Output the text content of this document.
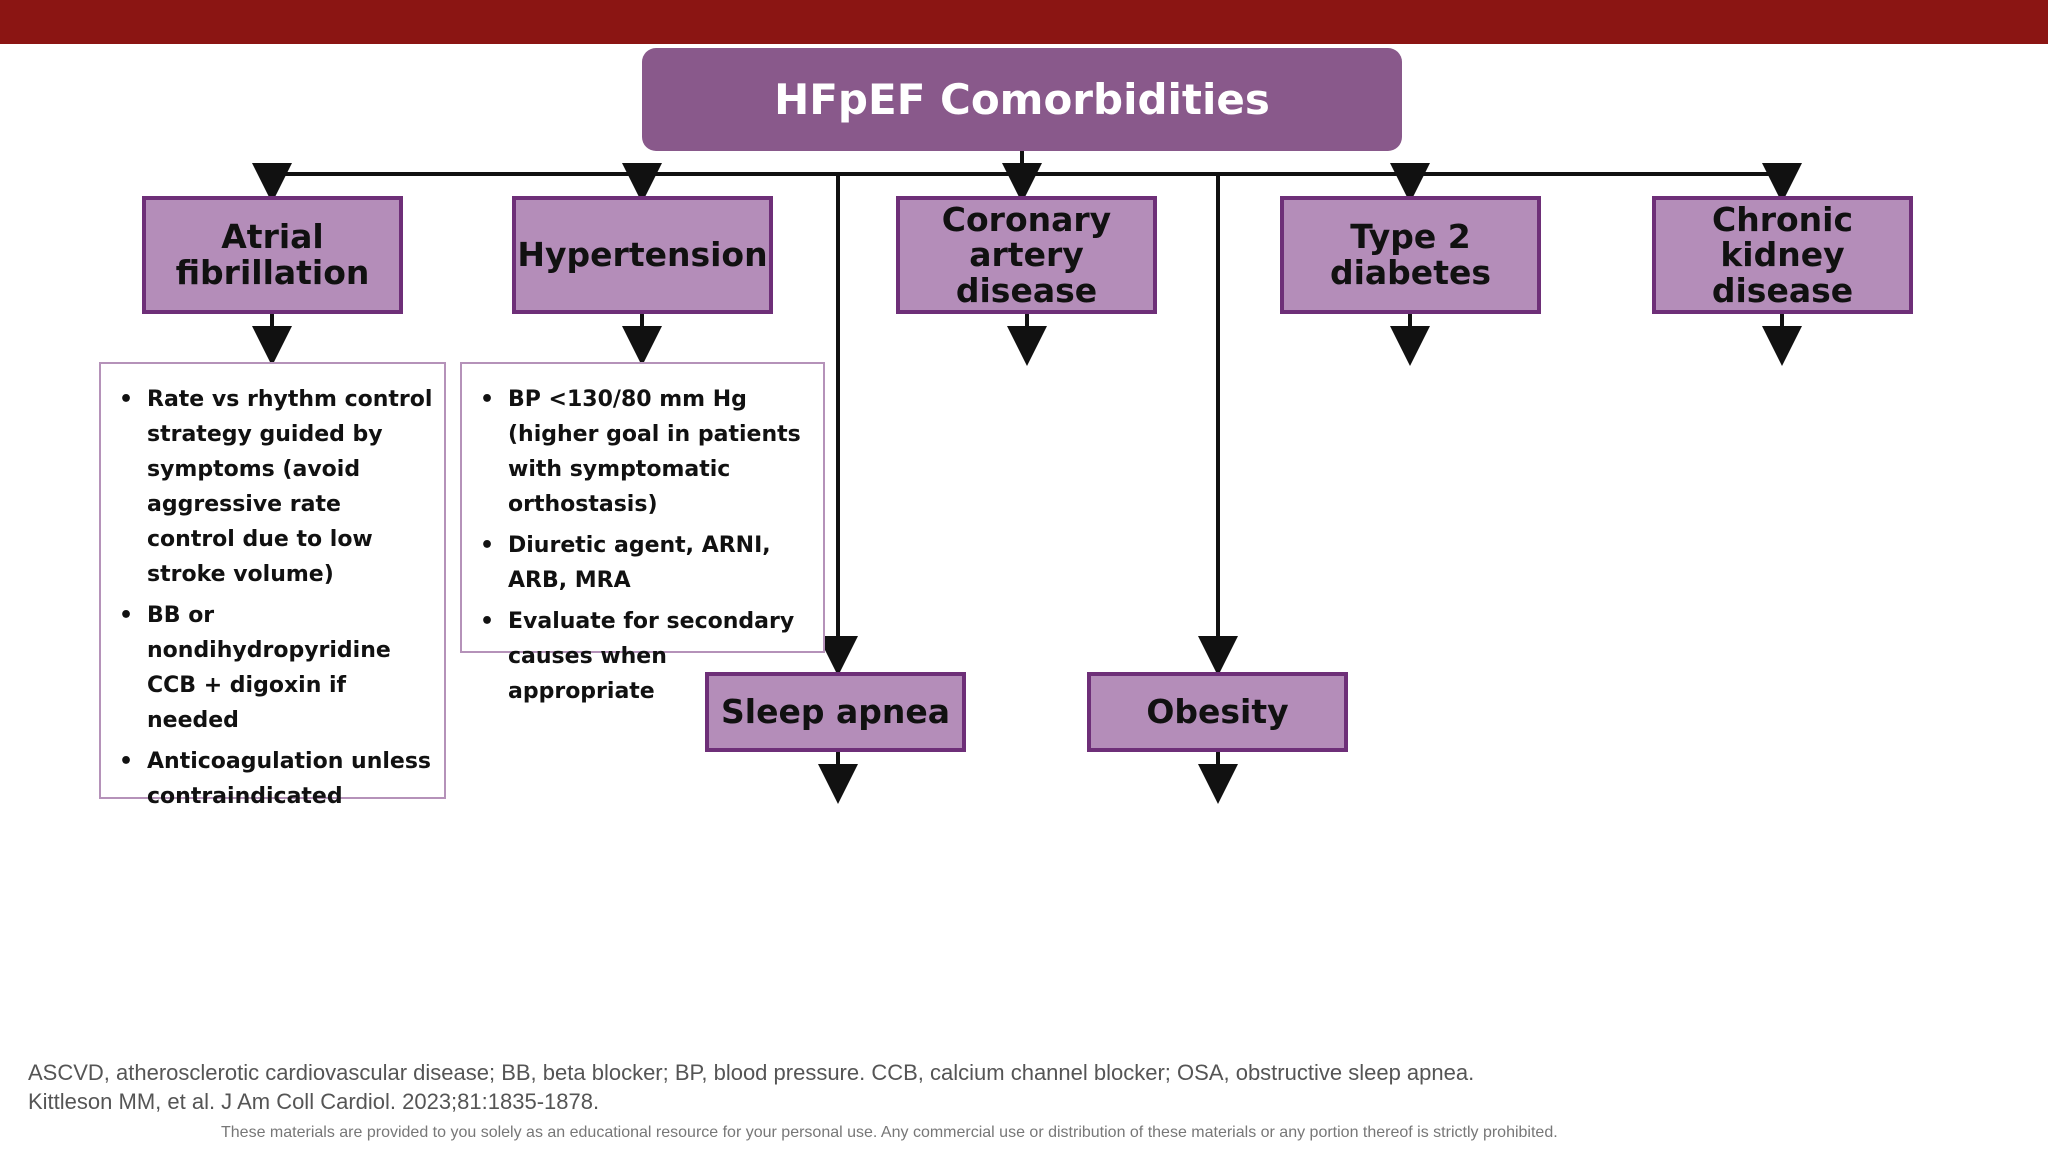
HFpEF Comorbidities
Atrial
fibrillation	Hypertension
Coronary
artery disease
Type 2
diabetes
Chronic kidney
disease
Sleep apnea	Obesity
• Rate vs rhythm control strategy guided by symptoms (avoid aggressive rate control due to low stroke volume)
• BB or nondihydropyridine CCB + digoxin if needed
• Anticoagulation unless contraindicated
• BP <130/80 mm Hg (higher goal in patients with symptomatic orthostasis)
• Diuretic agent, ARNI, ARB, MRA
• Evaluate for secondary causes when appropriate
ASCVD, atherosclerotic cardiovascular disease; BB, beta blocker; BP, blood pressure. CCB, calcium channel blocker; OSA, obstructive sleep apnea.
Kittleson MM, et al. J Am Coll Cardiol. 2023;81:1835-1878.
These materials are provided to you solely as an educational resource for your personal use. Any commercial use or distribution of these materials or any portion thereof is strictly prohibited.
